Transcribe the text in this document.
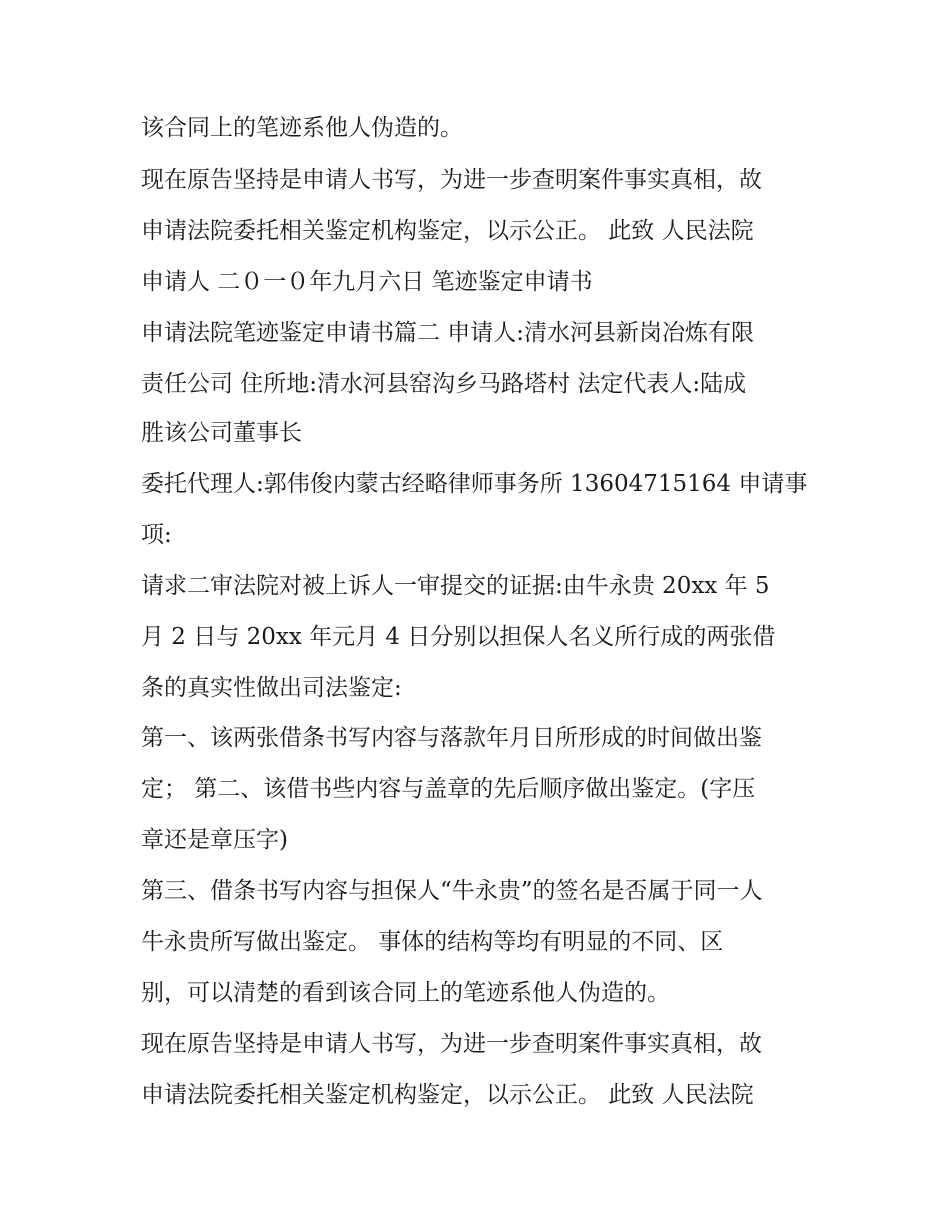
该合同上的笔迹系他人伪造的。
现在原告坚持是申请人书写，为进一步查明案件事实真相，故
申请法院委托相关鉴定机构鉴定，以示公正。 此致 人民法院
申请人 二０一０年九月六日 笔迹鉴定申请书
申请法院笔迹鉴定申请书篇二 申请人:清水河县新岗冶炼有限
责任公司 住所地:清水河县窑沟乡马路塔村 法定代表人:陆成
胜该公司董事长
委托代理人:郭伟俊内蒙古经略律师事务所 13604715164 申请事
项:
请求二审法院对被上诉人一审提交的证据:由牛永贵 20xx 年 5
月 2 日与 20xx 年元月 4 日分别以担保人名义所行成的两张借
条的真实性做出司法鉴定:
第一、该两张借条书写内容与落款年月日所形成的时间做出鉴
定； 第二、该借书些内容与盖章的先后顺序做出鉴定。(字压
章还是章压字)
第三、借条书写内容与担保人“牛永贵”的签名是否属于同一人
牛永贵所写做出鉴定。 事体的结构等均有明显的不同、区
别，可以清楚的看到该合同上的笔迹系他人伪造的。
现在原告坚持是申请人书写，为进一步查明案件事实真相，故
申请法院委托相关鉴定机构鉴定，以示公正。 此致 人民法院
